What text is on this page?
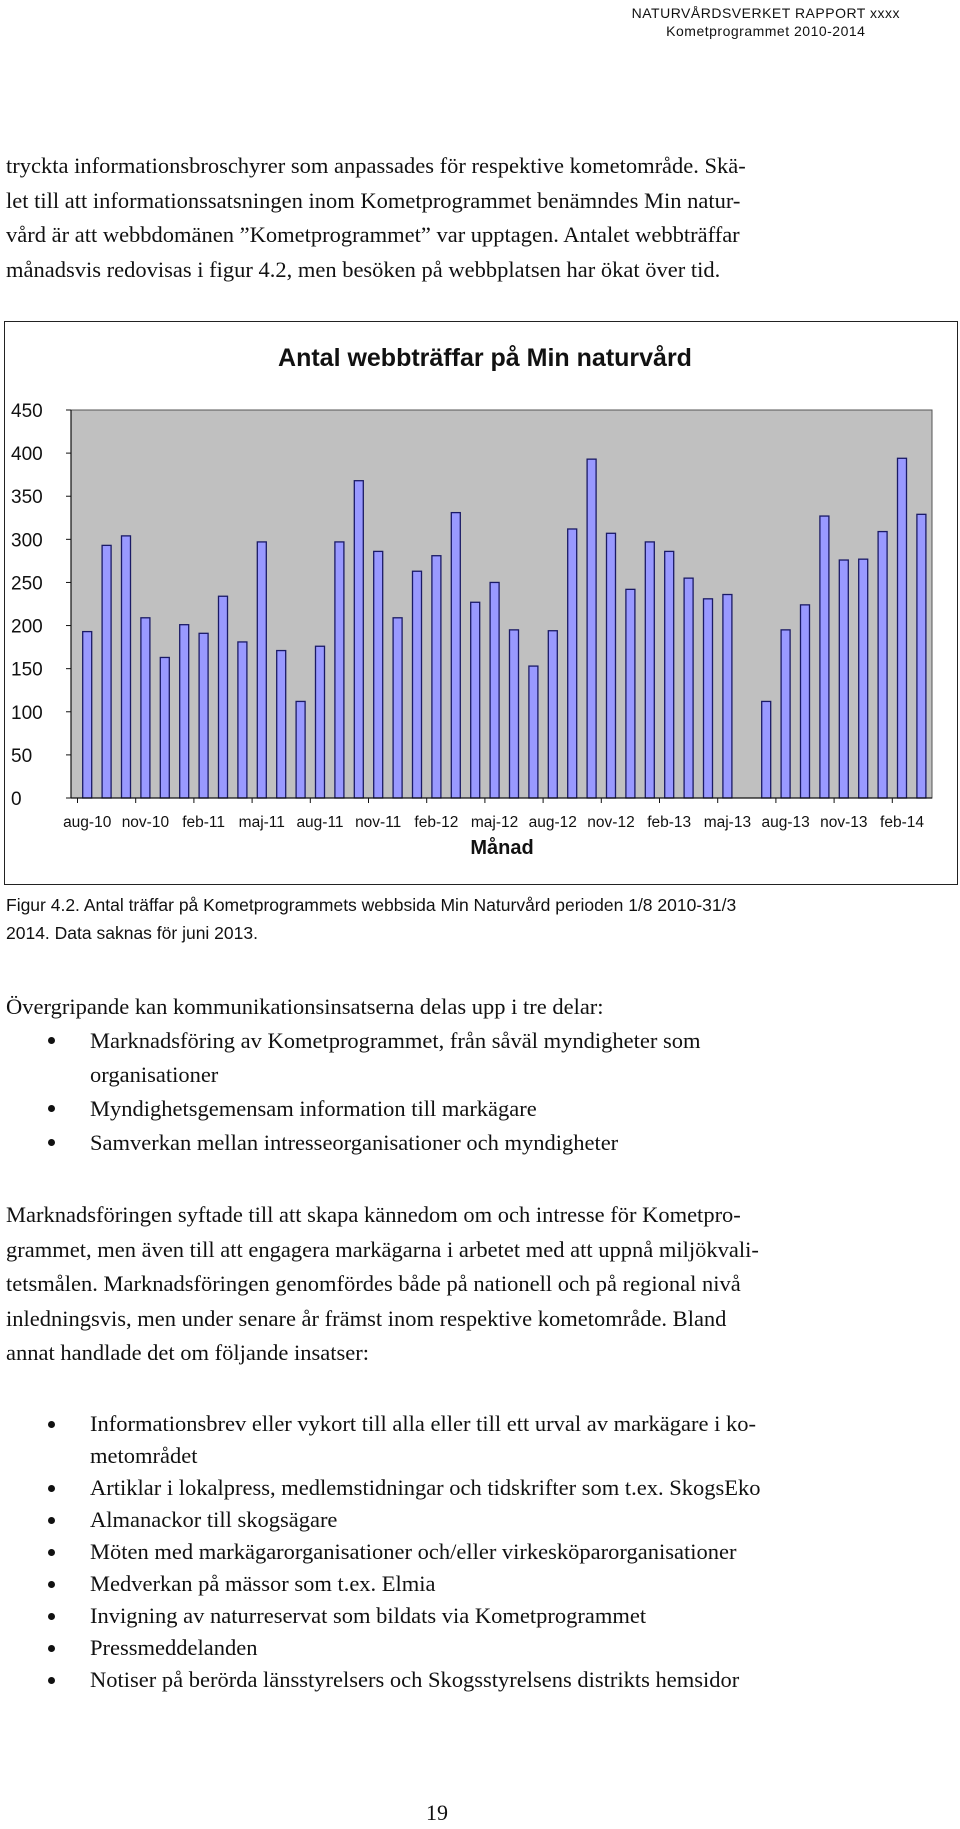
NATURVÅRDSVERKET RAPPORT xxxx
Kometprogrammet 2010-2014
tryckta informationsbroschyrer som anpassades för respektive kometområde. Skä-
let till att informationssatsningen inom Kometprogrammet benämndes Min natur-
vård är att webbdomänen ”Kometprogrammet” var upptagen. Antalet webbträffar
månadsvis redovisas i figur 4.2, men besöken på webbplatsen har ökat över tid.
Antal webbträffar på Min naturvård
450
400
350
300
250
200
150
100
50
0
aug-10 nov-10 feb-11 maj-11 aug-11 nov-11 feb-12 maj-12 aug-12 nov-12 feb-13 maj-13 aug-13 nov-13 feb-14
Månad
Figur 4.2. Antal träffar på Kometprogrammets webbsida Min Naturvård perioden 1/8 2010-31/3
2014. Data saknas för juni 2013.
Övergripande kan kommunikationsinsatserna delas upp i tre delar:
Marknadsföring av Kometprogrammet, från såväl myndigheter som
organisationer
Myndighetsgemensam information till markägare
Samverkan mellan intresseorganisationer och myndigheter
Marknadsföringen syftade till att skapa kännedom om och intresse för Kometpro-
grammet, men även till att engagera markägarna i arbetet med att uppnå miljökvali-
tetsmålen. Marknadsföringen genomfördes både på nationell och på regional nivå
inledningsvis, men under senare år främst inom respektive kometområde. Bland
annat handlade det om följande insatser:
Informationsbrev eller vykort till alla eller till ett urval av markägare i ko-
metområdet
Artiklar i lokalpress, medlemstidningar och tidskrifter som t.ex. SkogsEko
Almanackor till skogsägare
Möten med markägarorganisationer och/eller virkesköparorganisationer
Medverkan på mässor som t.ex. Elmia
Invigning av naturreservat som bildats via Kometprogrammet
Pressmeddelanden
Notiser på berörda länsstyrelsers och Skogsstyrelsens distrikts hemsidor
19
